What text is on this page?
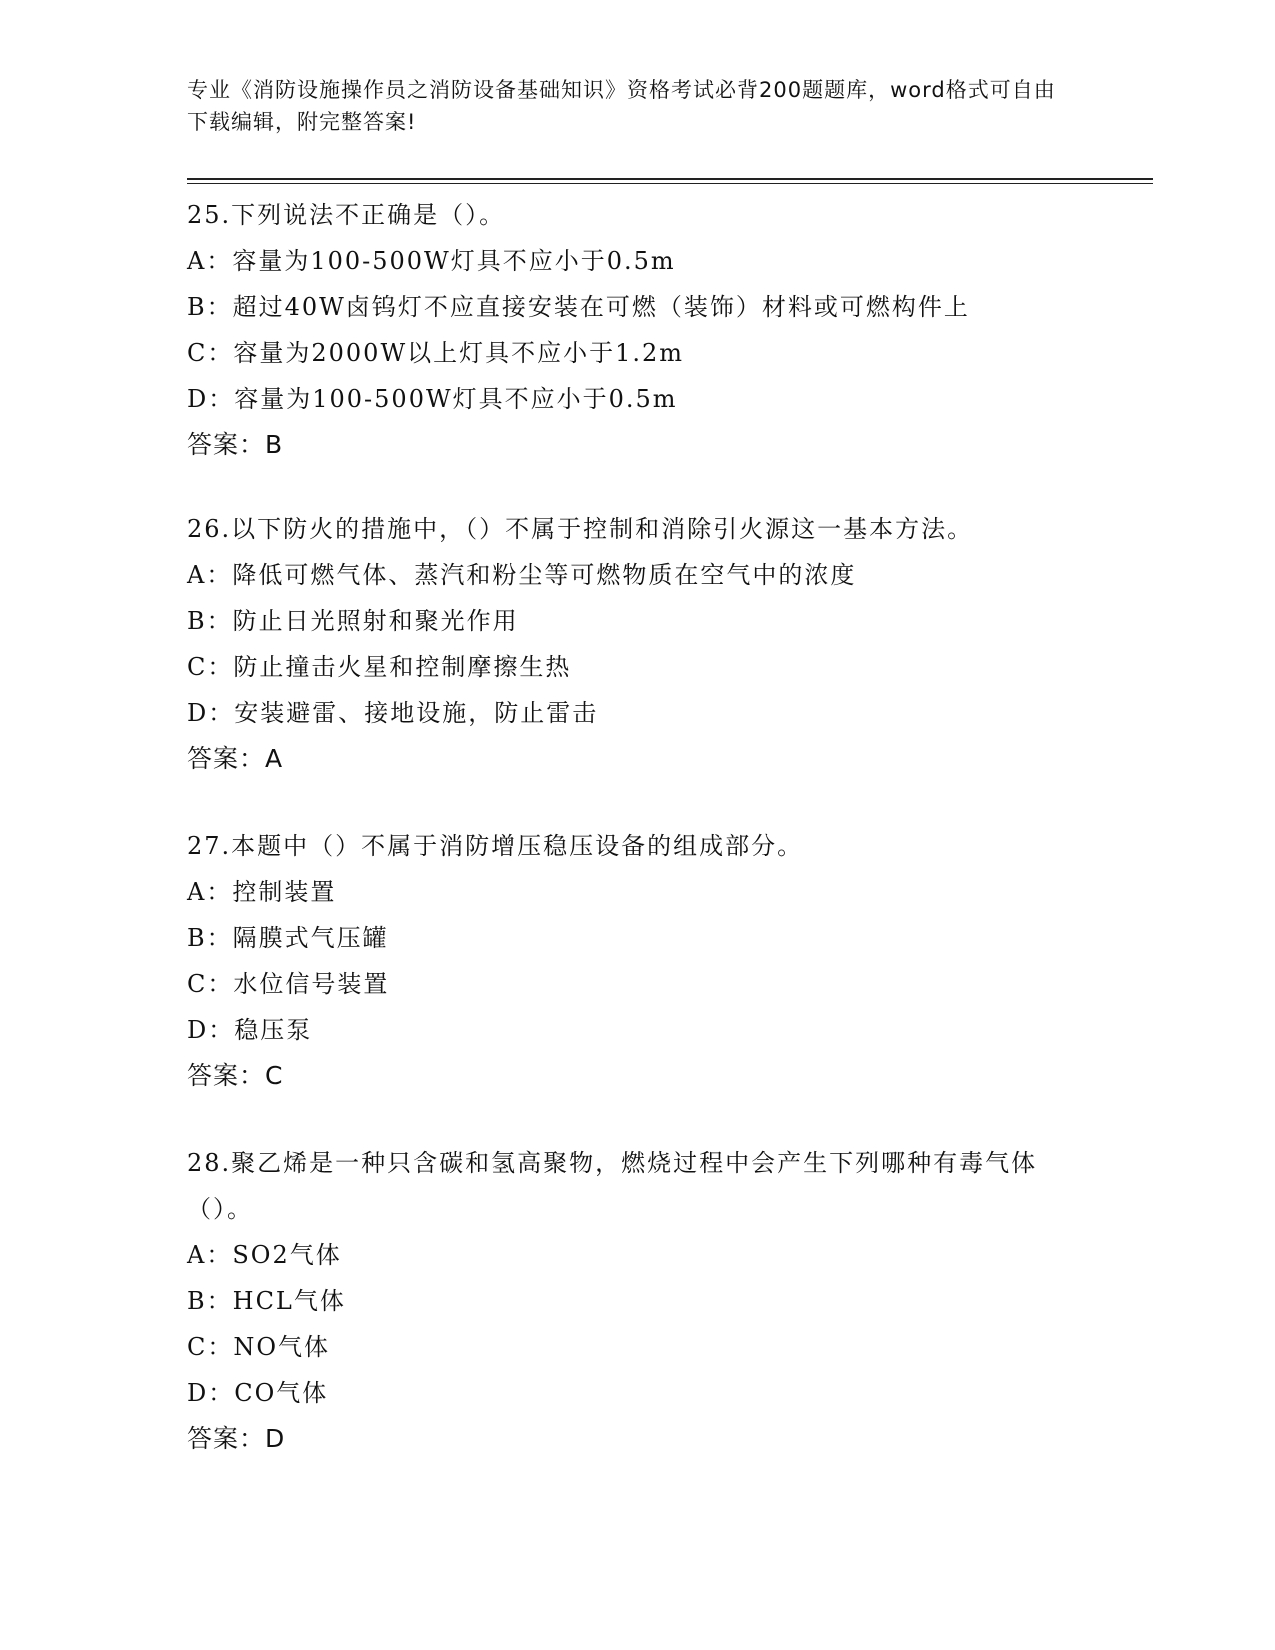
专业《消防设施操作员之消防设备基础知识》资格考试必背200题题库，word格式可自由下载编辑，附完整答案!
25.下列说法不正确是（）。
A：容量为100-500W灯具不应小于0.5m
B：超过40W卤钨灯不应直接安装在可燃（装饰）材料或可燃构件上
C：容量为2000W以上灯具不应小于1.2m
D：容量为100-500W灯具不应小于0.5m
答案：B
26.以下防火的措施中，（）不属于控制和消除引火源这一基本方法。
A：降低可燃气体、蒸汽和粉尘等可燃物质在空气中的浓度
B：防止日光照射和聚光作用
C：防止撞击火星和控制摩擦生热
D：安装避雷、接地设施，防止雷击
答案：A
27.本题中（）不属于消防增压稳压设备的组成部分。
A：控制装置
B：隔膜式气压罐
C：水位信号装置
D：稳压泵
答案：C
28.聚乙烯是一种只含碳和氢高聚物，燃烧过程中会产生下列哪种有毒气体（）。
A：SO2气体
B：HCL气体
C：NO气体
D：CO气体
答案：D
